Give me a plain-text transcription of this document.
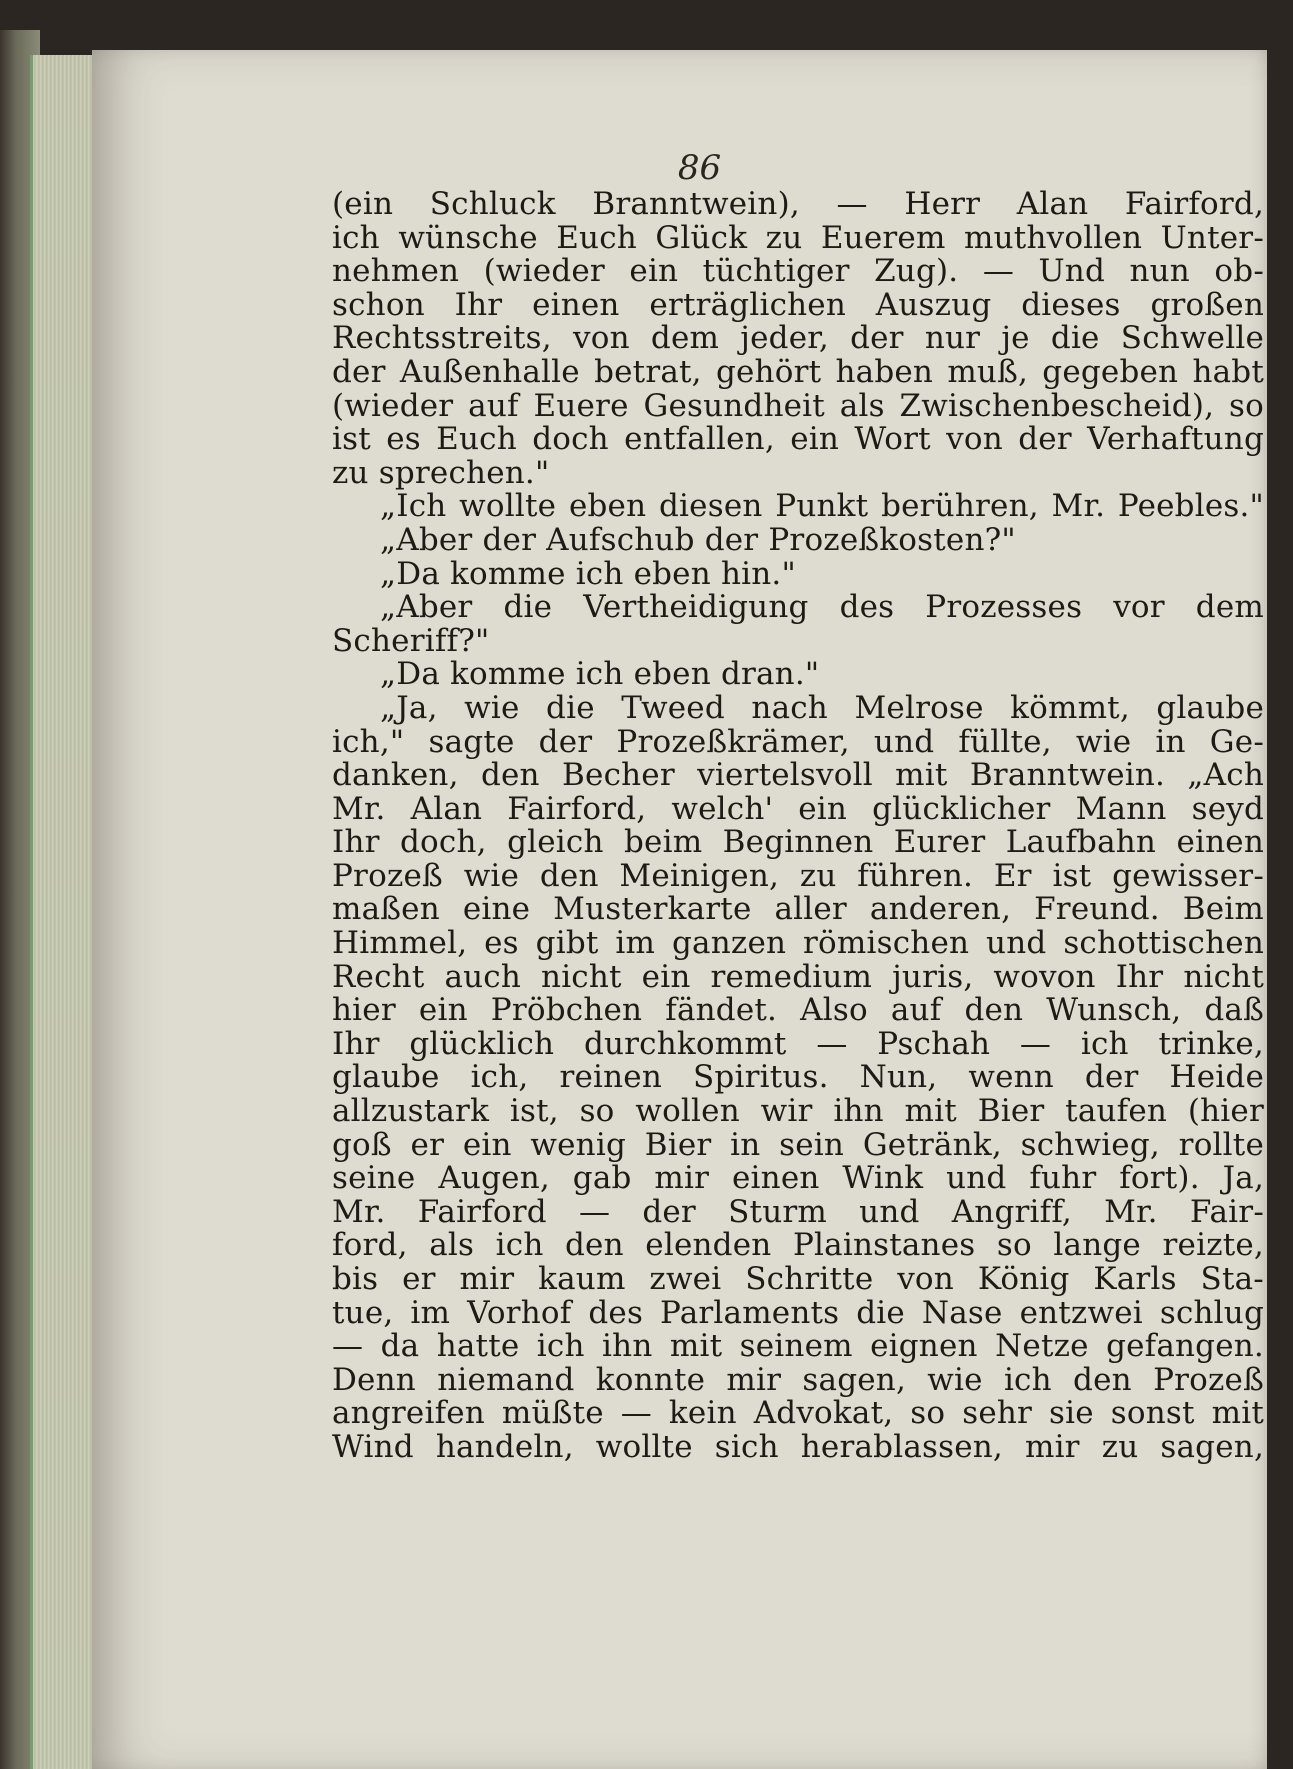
86
(ein Schluck Branntwein), — Herr Alan Fairford,
ich wünsche Euch Glück zu Euerem muthvollen Unter-
nehmen (wieder ein tüchtiger Zug). — Und nun ob-
schon Ihr einen erträglichen Auszug dieses großen
Rechtsstreits, von dem jeder, der nur je die Schwelle
der Außenhalle betrat, gehört haben muß, gegeben habt
(wieder auf Euere Gesundheit als Zwischenbescheid), so
ist es Euch doch entfallen, ein Wort von der Verhaftung
zu sprechen."
„Ich wollte eben diesen Punkt berühren, Mr. Peebles."
„Aber der Aufschub der Prozeßkosten?"
„Da komme ich eben hin."
„Aber die Vertheidigung des Prozesses vor dem
Scheriff?"
„Da komme ich eben dran."
„Ja, wie die Tweed nach Melrose kömmt, glaube
ich," sagte der Prozeßkrämer, und füllte, wie in Ge-
danken, den Becher viertelsvoll mit Branntwein. „Ach
Mr. Alan Fairford, welch' ein glücklicher Mann seyd
Ihr doch, gleich beim Beginnen Eurer Laufbahn einen
Prozeß wie den Meinigen, zu führen. Er ist gewisser-
maßen eine Musterkarte aller anderen, Freund. Beim
Himmel, es gibt im ganzen römischen und schottischen
Recht auch nicht ein remedium juris, wovon Ihr nicht
hier ein Pröbchen fändet. Also auf den Wunsch, daß
Ihr glücklich durchkommt — Pschah — ich trinke,
glaube ich, reinen Spiritus. Nun, wenn der Heide
allzustark ist, so wollen wir ihn mit Bier taufen (hier
goß er ein wenig Bier in sein Getränk, schwieg, rollte
seine Augen, gab mir einen Wink und fuhr fort). Ja,
Mr. Fairford — der Sturm und Angriff, Mr. Fair-
ford, als ich den elenden Plainstanes so lange reizte,
bis er mir kaum zwei Schritte von König Karls Sta-
tue, im Vorhof des Parlaments die Nase entzwei schlug
— da hatte ich ihn mit seinem eignen Netze gefangen.
Denn niemand konnte mir sagen, wie ich den Prozeß
angreifen müßte — kein Advokat, so sehr sie sonst mit
Wind handeln, wollte sich herablassen, mir zu sagen,
